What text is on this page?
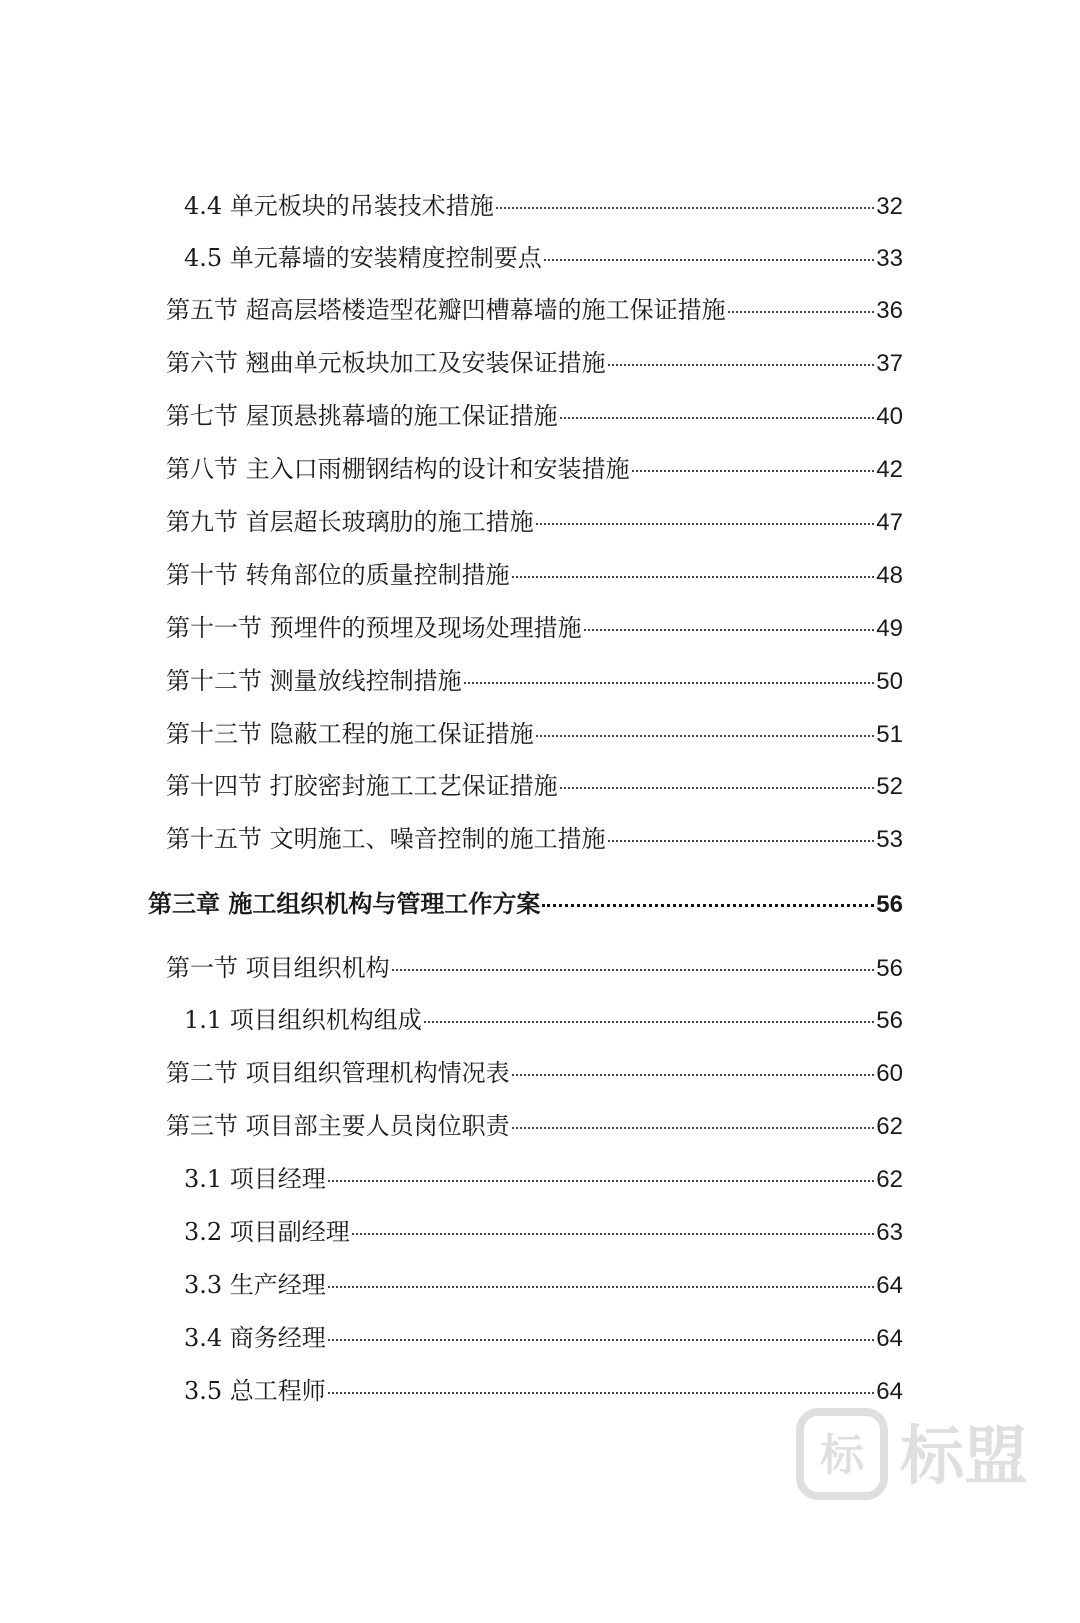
4.4 单元板块的吊装技术措施	32
4.5 单元幕墙的安装精度控制要点	33
第五节 超高层塔楼造型花瓣凹槽幕墙的施工保证措施	36
第六节 翘曲单元板块加工及安装保证措施	37
第七节 屋顶悬挑幕墙的施工保证措施	40
第八节 主入口雨棚钢结构的设计和安装措施	42
第九节 首层超长玻璃肋的施工措施	47
第十节 转角部位的质量控制措施	48
第十一节 预埋件的预埋及现场处理措施	49
第十二节 测量放线控制措施	50
第十三节 隐蔽工程的施工保证措施	51
第十四节 打胶密封施工工艺保证措施	52
第十五节 文明施工、噪音控制的施工措施	53
第三章 施工组织机构与管理工作方案	56
第一节 项目组织机构	56
1.1 项目组织机构组成	56
第二节 项目组织管理机构情况表	60
第三节 项目部主要人员岗位职责	62
3.1 项目经理	62
3.2 项目副经理	63
3.3 生产经理	64
3.4 商务经理	64
3.5 总工程师	64
标 标盟
